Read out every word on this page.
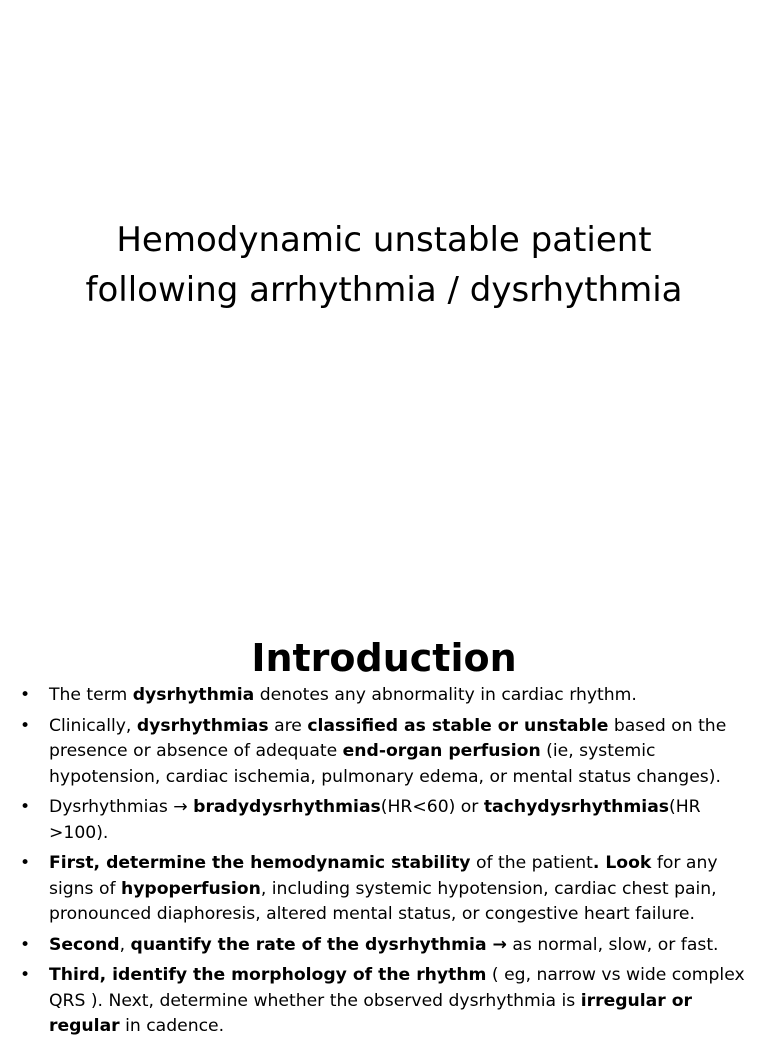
Hemodynamic unstable patient
following arrhythmia / dysrhythmia
Introduction
• The term dysrhythmia denotes any abnormality in cardiac rhythm.
• Clinically, dysrhythmias are classified as stable or unstable based on the presence or absence of adequate end-organ perfusion (ie, systemic hypotension, cardiac ischemia, pulmonary edema, or mental status changes).
• Dysrhythmias → bradydysrhythmias(HR<60) or tachydysrhythmias(HR >100).
• First, determine the hemodynamic stability of the patient. Look for any signs of hypoperfusion, including systemic hypotension, cardiac chest pain, pronounced diaphoresis, altered mental status, or congestive heart failure.
• Second, quantify the rate of the dysrhythmia → as normal, slow, or fast.
• Third, identify the morphology of the rhythm ( eg, narrow vs wide complex QRS ). Next, determine whether the observed dysrhythmia is irregular or regular in cadence.
